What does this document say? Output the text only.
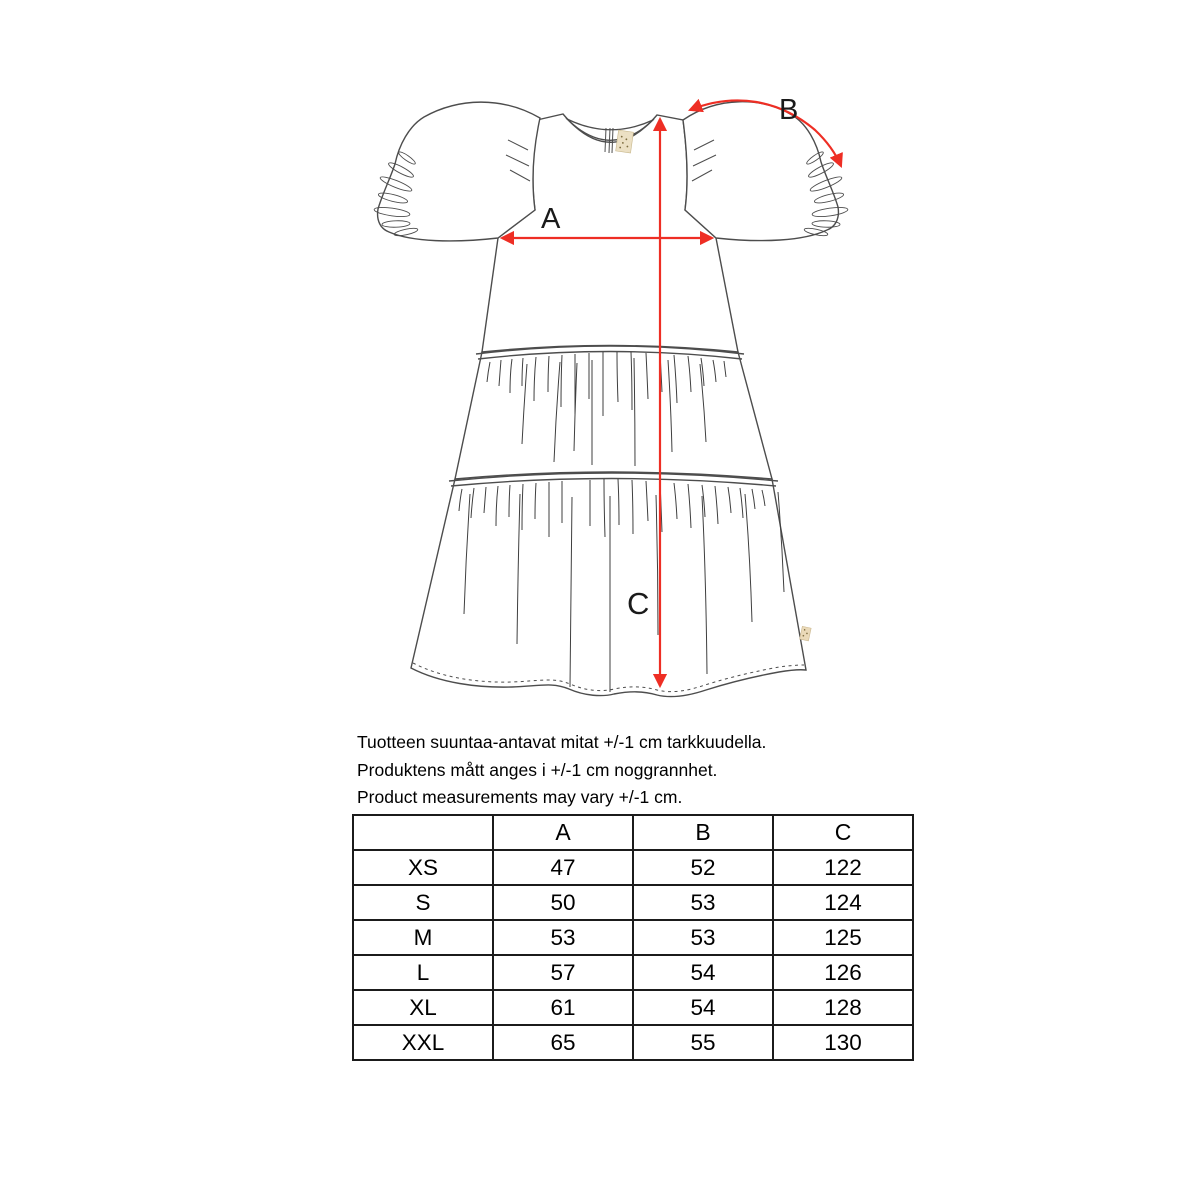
A
B
C

Tuotteen suuntaa-antavat mitat +/-1 cm tarkkuudella.

Produktens mått anges i +/-1 cm noggrannhet.

Product measurements may vary +/-1 cm.

	A	B	C
XS	47	52	122
S	50	53	124
M	53	53	125
L	57	54	126
XL	61	54	128
XXL	65	55	130
